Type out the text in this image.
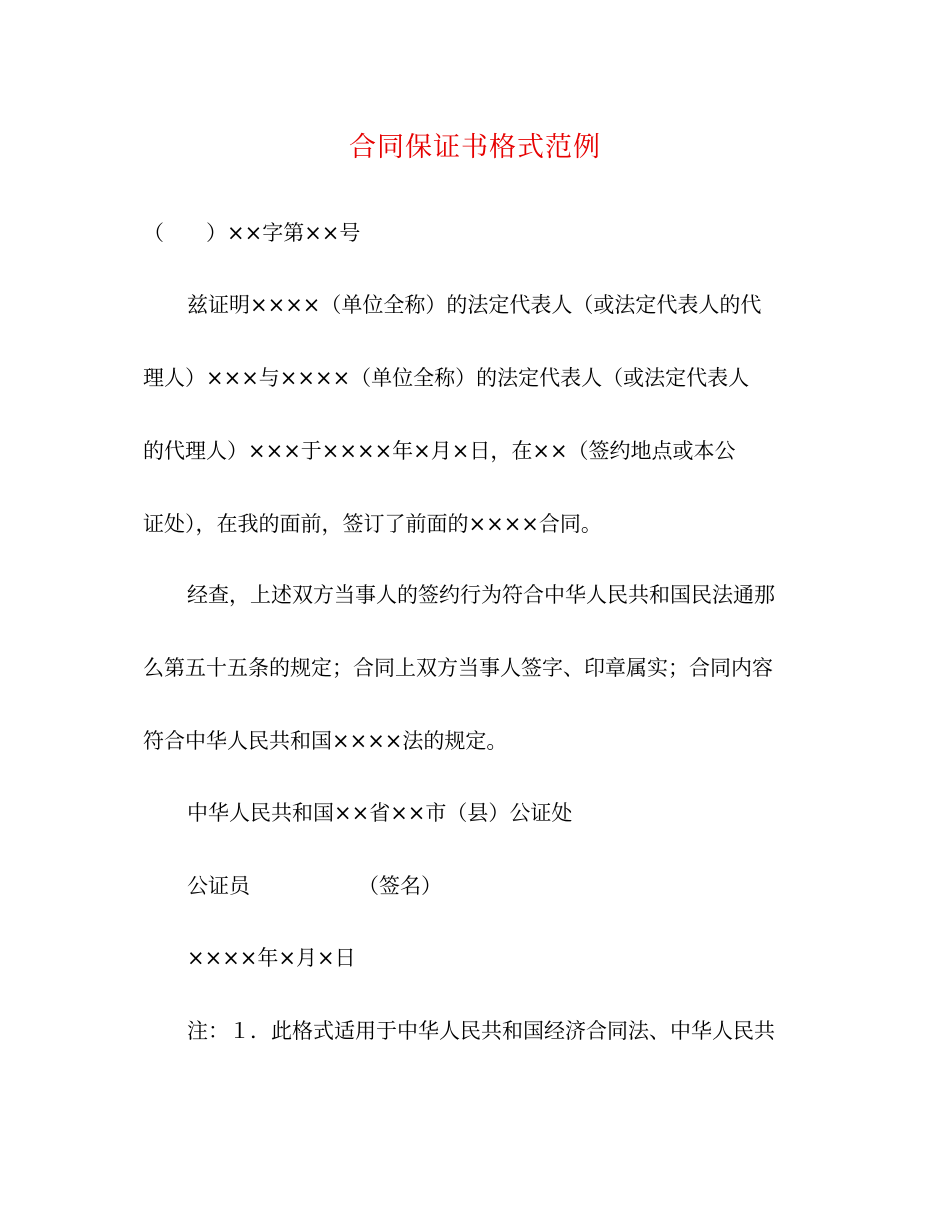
合同保证书格式范例
（　　）××字第××号
兹证明××××（单位全称）的法定代表人（或法定代表人的代
理人）×××与××××（单位全称）的法定代表人（或法定代表人
的代理人）×××于××××年×月×日，在××（签约地点或本公
证处），在我的面前，签订了前面的××××合同。
经查，上述双方当事人的签约行为符合中华人民共和国民法通那
么第五十五条的规定；合同上双方当事人签字、印章属实；合同内容
符合中华人民共和国××××法的规定。
中华人民共和国××省××市（县）公证处
公证员	（签名）
××××年×月×日
注：１．此格式适用于中华人民共和国经济合同法、中华人民共
